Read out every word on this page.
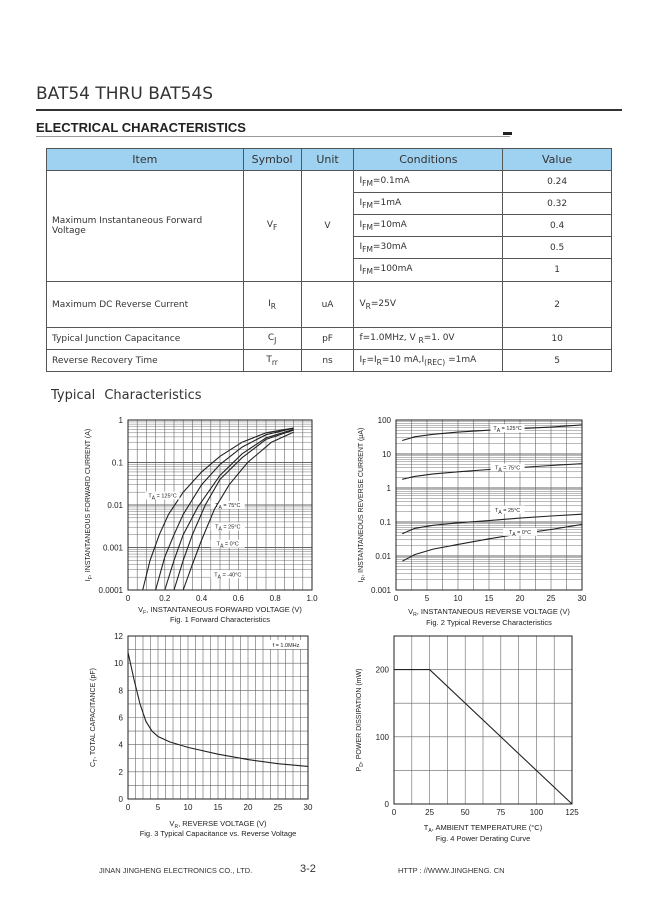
BAT54 THRU BAT54S
ELECTRICAL CHARACTERISTICS
Item	Symbol	Unit	Conditions	Value
Maximum Instantaneous Forward Voltage	$V_F$	V	$I_{FM}=0.1mA$	0.24
			$I_{FM}=1mA$	0.32
			$I_{FM}=10mA$	0.4
			$I_{FM}=30mA$	0.5
			$I_{FM}=100mA$	1
Maximum DC Reverse Current	$I_R$	uA	$V_R=25V$	2
Typical Junction Capacitance	$C_J$	pF	f=1.0MHz, V $_R$=1. 0V	10
Reverse Recovery Time	$T_{rr}$	ns	$I_F=I_R=10$ $mA,I_{(REC)} =1mA$	5
Typical Characteristics
0	0.2	0.4	0.6	0.8	1.0
0.0001
0.001
0.01
0.1
1
$V_F$, INSTANTANEOUS FORWARD VOLTAGE (V)
$I_F$, INSTANTANEOUS FORWARD CURRENT (A)
Fig. 1 Forward Characteristics
TA = 125°C
TA = 75°C
TA = 25°C
TA = 0°C
TA = -40°C
0	5	10	15	20	25	30
0.001
0.01
0.1
1
10
100
$V_R$, INSTANTANEOUS REVERSE VOLTAGE (V)
$I_R$, INSTANTANEOUS REVERSE CURRENT (µA)
Fig. 2 Typical Reverse Characteristics
TA = 125°C
TA = 75°C
TA = 25°C
TA = 0°C
0	5	10	15	20	25	30
0
2
4
6
8
10
12
$V_R$, REVERSE VOLTAGE (V)
$C_T$, TOTAL CAPACITANCE (pF)
Fig. 3 Typical Capacitance vs. Reverse Voltage
f = 1.0MHz
0	25	50	75	100	125
0
100
200
$T_A$, AMBIENT TEMPERATURE (°C)
$P_D$, POWER DISSIPATION (mW)
Fig. 4 Power Derating Curve
JINAN JINGHENG ELECTRONICS CO., LTD.	3-2	HTTP : //WWW.JINGHENG. CN
